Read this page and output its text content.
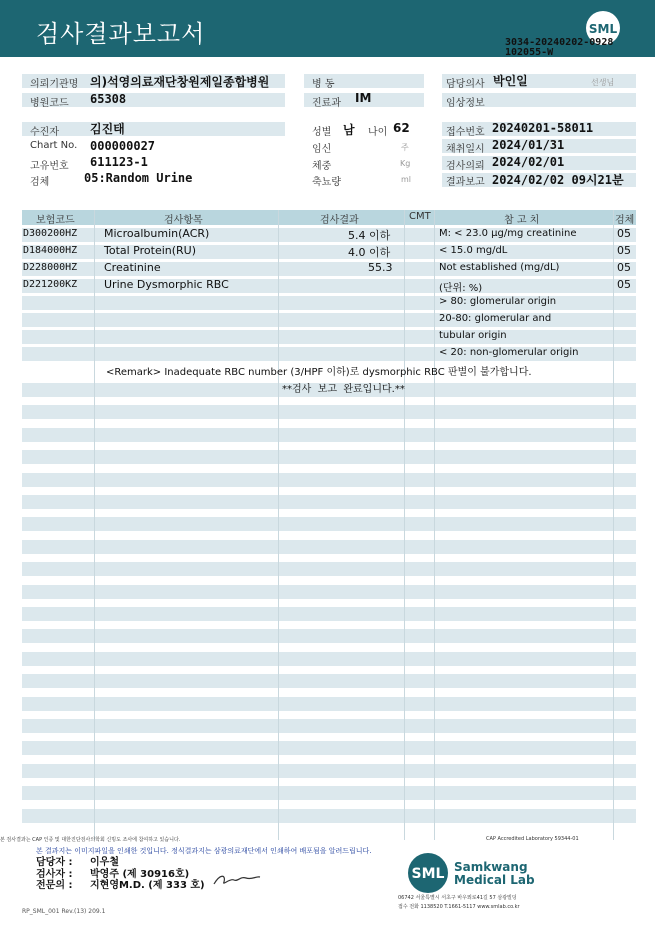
검사결과보고서	SML
3034-20240202-0928
102055-W
의뢰기관명 의)석영의료재단창원제일종합병원	병 동	담당의사 박인일	선생님
병원코드 65308	진료과 IM	임상정보
수진자	김진태
Chart No. 000000027
고유번호 611123-1
검체	05:Random Urine
성별 남 나이 62
임신	주
체중	Kg
축뇨량	ml
접수번호 20240201-58011
채취일시 2024/01/31
검사의뢰 2024/02/01
결과보고 2024/02/02 09시21분
보험코드	검사항목	검사결과	CMT	참 고 치	검체
D300200HZ Microalbumin(ACR)	5.4 이하	M: < 23.0 µg/mg creatinine	05
D184000HZ Total Protein(RU)	4.0 이하	< 15.0 mg/dL	05
D228000HZ Creatinine	55.3	Not established (mg/dL)	05
D221200KZ Urine Dysmorphic RBC	(단위: %)	05
> 80: glomerular origin
20-80: glomerular and
tubular origin
< 20: non-glomerular origin
<Remark> Inadequate RBC number (3/HPF 이하)로 dysmorphic RBC 판별이 불가합니다.
**검사  보고  완료입니다.**
본 검사결과는 CAP 인증 및 대한진단검사의학회 신빙도 조사에 참여하고 있습니다.	CAP Accredited Laboratory 59344-01
본 결과지는 이미지파일을 인쇄한 것입니다. 정식결과지는 삼광의료재단에서 인쇄하여 배포됨을 알려드립니다.
담당자 : 이우철
검사자 : 박영주 (제 30916호)
전문의 : 지현영M.D. (제 333 호)
SML Samkwang
Medical Lab
06742 서울특별시 서초구 바우뫼로41길 57 삼광빌딩
접수 전화 1138520 T.1661-5117 www.smlab.co.kr
RP_SML_001 Rev.(13) 209.1
